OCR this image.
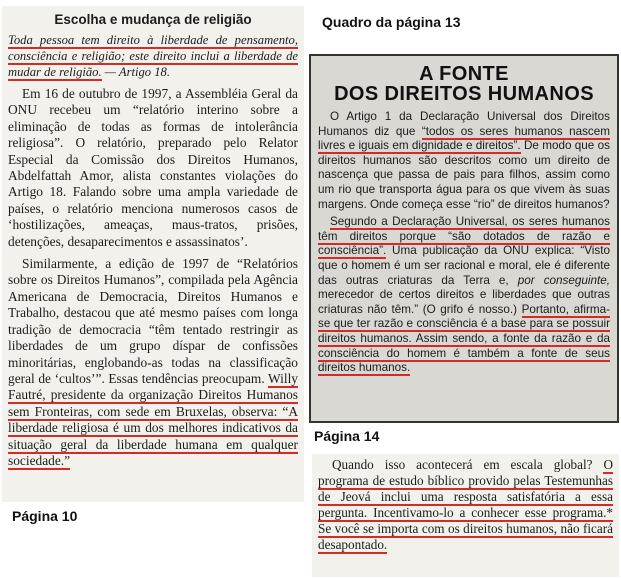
Quadro da página 13
Página 14
Página 10
Escolha e mudança de religião
Toda pessoa tem direito à liberdade de pensamento, consciência e religião; este direito inclui a liberdade de mudar de religião. — Artigo 18.

Em 16 de outubro de 1997, a Assembléia Geral da ONU recebeu um “relatório interino sobre a eliminação de todas as formas de intolerância religiosa”. O relatório, preparado pelo Relator Especial da Comissão dos Direitos Humanos, Abdelfattah Amor, alista constantes violações do Artigo 18. Falando sobre uma ampla variedade de países, o relatório menciona numerosos casos de ‘hostilizações, ameaças, maus-tratos, prisões, detenções, desaparecimentos e assassinatos’.

Similarmente, a edição de 1997 de “Relatórios sobre os Direitos Humanos”, compilada pela Agência Americana de Democracia, Direitos Humanos e Trabalho, destacou que até mesmo países com longa tradição de democracia “têm tentado restringir as liberdades de um grupo díspar de confissões minoritárias, englobando-as todas na classificação geral de ‘cultos’”. Essas tendências preocupam. Willy Fautré, presidente da organização Direitos Humanos sem Fronteiras, com sede em Bruxelas, observa: “A liberdade religiosa é um dos melhores indicativos da situação geral da liberdade humana em qualquer sociedade.”

A FONTE
DOS DIREITOS HUMANOS

O Artigo 1 da Declaração Universal dos Direitos Humanos diz que “todos os seres humanos nascem livres e iguais em dignidade e direitos”. De modo que os direitos humanos são descritos como um direito de nascença que passa de pais para filhos, assim como um rio que transporta água para os que vivem às suas margens. Onde começa esse “rio” de direitos humanos?

Segundo a Declaração Universal, os seres humanos têm direitos porque “são dotados de razão e consciência”. Uma publicação da ONU explica: “Visto que o homem é um ser racional e moral, ele é diferente das outras criaturas da Terra e, por conseguinte, merecedor de certos direitos e liberdades que outras criaturas não têm.” (O grifo é nosso.) Portanto, afirma-se que ter razão e consciência é a base para se possuir direitos humanos. Assim sendo, a fonte da razão e da consciência do homem é também a fonte de seus direitos humanos.

Quando isso acontecerá em escala global? O programa de estudo bíblico provido pelas Testemunhas de Jeová inclui uma resposta satisfatória a essa pergunta. Incentivamo-lo a conhecer esse programa.* Se você se importa com os direitos humanos, não ficará desapontado.
